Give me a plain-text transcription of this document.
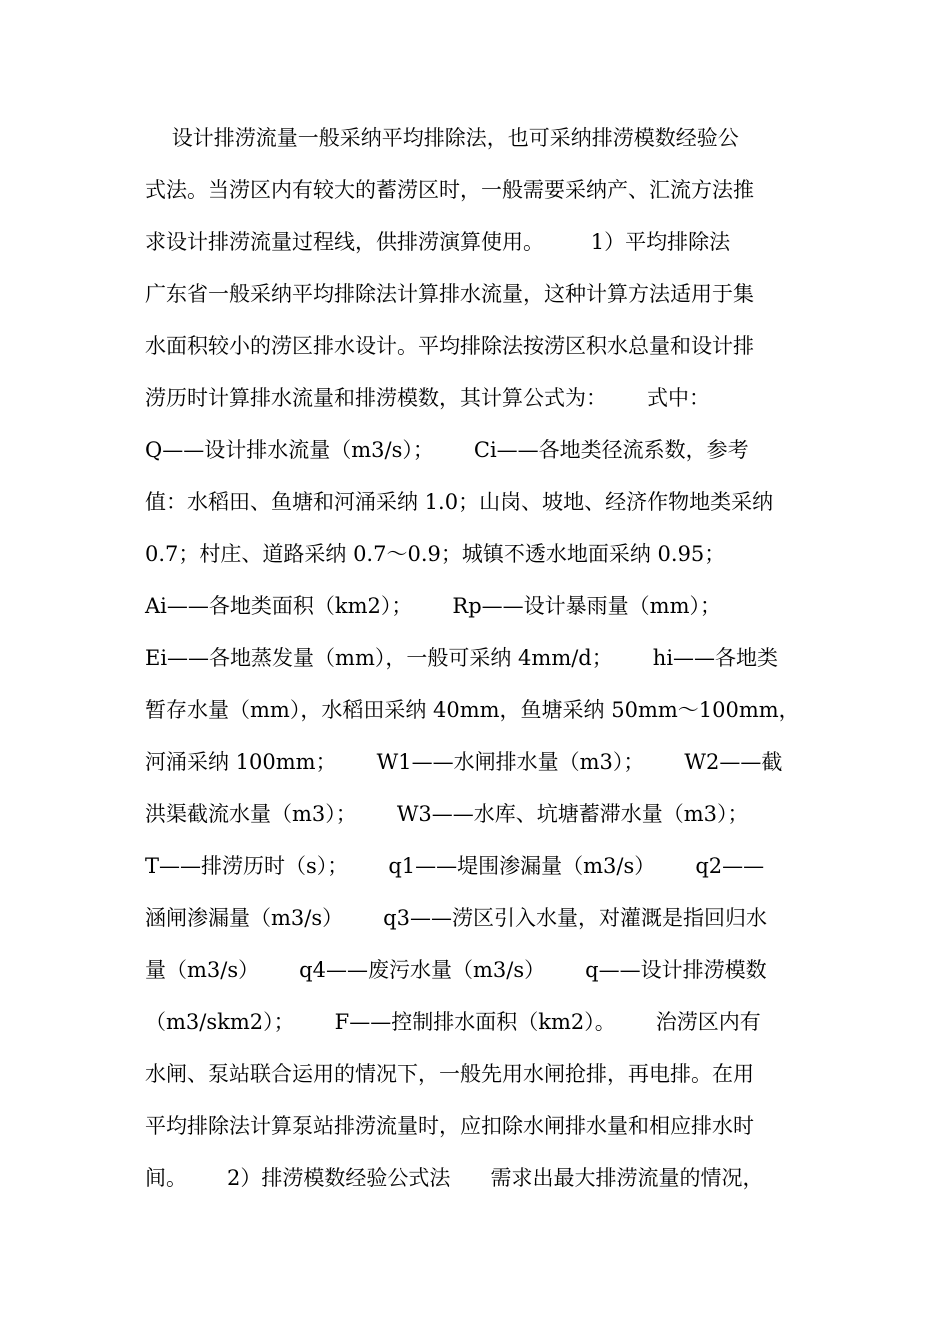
设计排涝流量一般采纳平均排除法，也可采纳排涝模数经验公
式法。当涝区内有较大的蓄涝区时，一般需要采纳产、汇流方法推
求设计排涝流量过程线，供排涝演算使用。       1）平均排除法
广东省一般采纳平均排除法计算排水流量，这种计算方法适用于集
水面积较小的涝区排水设计。平均排除法按涝区积水总量和设计排
涝历时计算排水流量和排涝模数，其计算公式为：      式中：
Q——设计排水流量（m3/s）；      Ci——各地类径流系数，参考
值：水稻田、鱼塘和河涌采纳 1.0；山岗、坡地、经济作物地类采纳
0.7；村庄、道路采纳 0.7～0.9；城镇不透水地面采纳 0.95；
Ai——各地类面积（km2）；      Rp——设计暴雨量（mm）；
Ei——各地蒸发量（mm），一般可采纳 4mm/d；      hi——各地类
暂存水量（mm），水稻田采纳 40mm，鱼塘采纳 50mm～100mm，
河涌采纳 100mm；      W1——水闸排水量（m3）；      W2——截
洪渠截流水量（m3）；      W3——水库、坑塘蓄滞水量（m3）；
T——排涝历时（s）；      q1——堤围渗漏量（m3/s）      q2——
涵闸渗漏量（m3/s）      q3——涝区引入水量，对灌溉是指回归水
量（m3/s）      q4——废污水量（m3/s）      q——设计排涝模数
（m3/skm2）；      F——控制排水面积（km2）。      治涝区内有
水闸、泵站联合运用的情况下，一般先用水闸抢排，再电排。在用
平均排除法计算泵站排涝流量时，应扣除水闸排水量和相应排水时
间。      2）排涝模数经验公式法      需求出最大排涝流量的情况，
